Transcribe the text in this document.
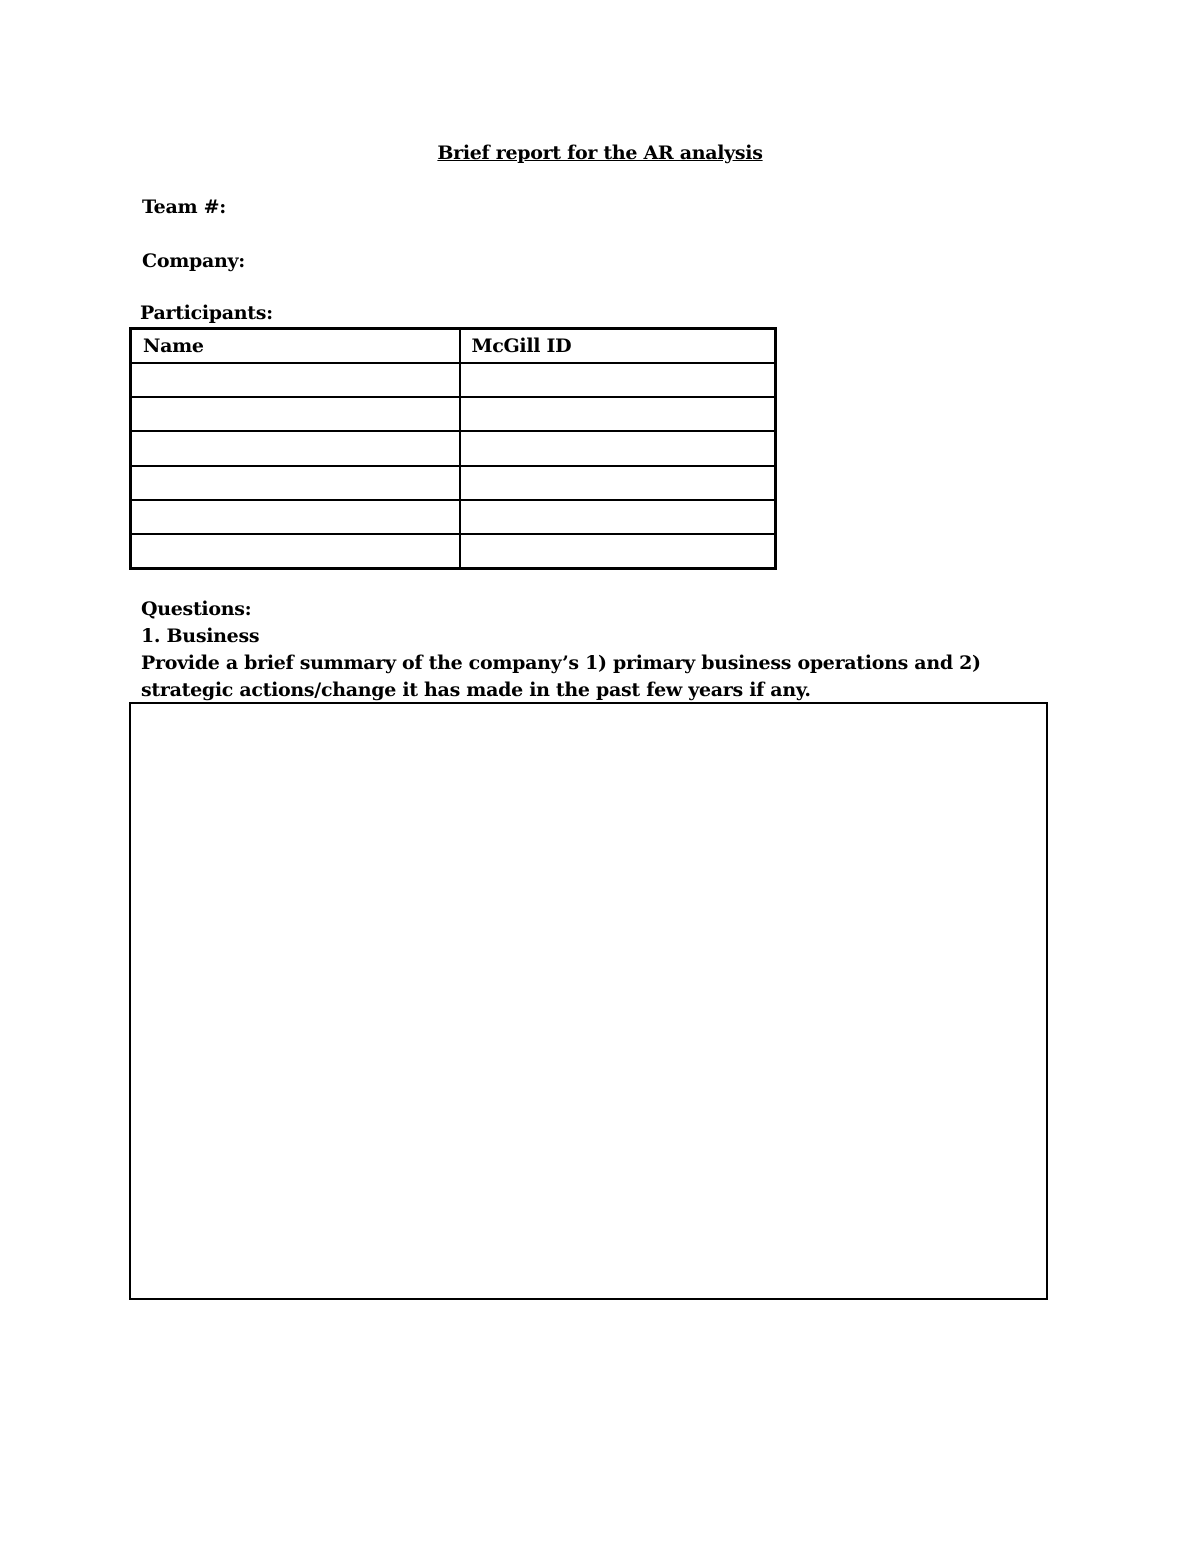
Brief report for the AR analysis
Team #:
Company:
Participants:
Name	McGill ID

Questions:
1. Business
Provide a brief summary of the company’s 1) primary business operations and 2) strategic actions/change it has made in the past few years if any.
